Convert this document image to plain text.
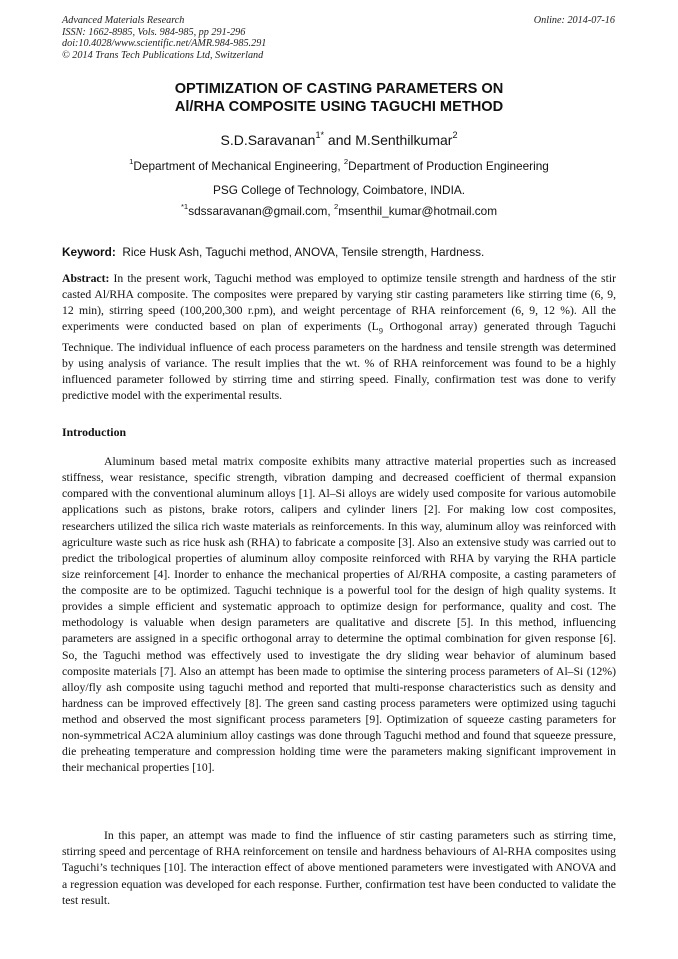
Advanced Materials Research
ISSN: 1662-8985, Vols. 984-985, pp 291-296
doi:10.4028/www.scientific.net/AMR.984-985.291
© 2014 Trans Tech Publications Ltd, Switzerland
Online: 2014-07-16
OPTIMIZATION OF CASTING PARAMETERS ON
Al/RHA COMPOSITE USING TAGUCHI METHOD
S.D.Saravanan$^{1*}$ and M.Senthilkumar$^2$
$^1$Department of Mechanical Engineering, $^2$Department of Production Engineering
PSG College of Technology, Coimbatore, INDIA.
$^{*1}$sdssaravanan@gmail.com, $^2$msenthil_kumar@hotmail.com
Keyword: Rice Husk Ash, Taguchi method, ANOVA, Tensile strength, Hardness.

Abstract: In the present work, Taguchi method was employed to optimize tensile strength and hardness of the stir casted Al/RHA composite. The composites were prepared by varying stir casting parameters like stirring time (6, 9, 12 min), stirring speed (100,200,300 r.pm), and weight percentage of RHA reinforcement (6, 9, 12 %). All the experiments were conducted based on plan of experiments ($L_9$ Orthogonal array) generated through Taguchi Technique. The individual influence of each process parameters on the hardness and tensile strength was determined by using analysis of variance. The result implies that the wt. % of RHA reinforcement was found to be a highly influenced parameter followed by stirring time and stirring speed. Finally, confirmation test was done to verify predictive model with the experimental results.

Introduction

Aluminum based metal matrix composite exhibits many attractive material properties such as increased stiffness, wear resistance, specific strength, vibration damping and decreased coefficient of thermal expansion compared with the conventional aluminum alloys [1]. Al–Si alloys are widely used composite for various automobile applications such as pistons, brake rotors, calipers and cylinder liners [2]. For making low cost composites, researchers utilized the silica rich waste materials as reinforcements. In this way, aluminum alloy was reinforced with agriculture waste such as rice husk ash (RHA) to fabricate a composite [3]. Also an extensive study was carried out to predict the tribological properties of aluminum alloy composite reinforced with RHA by varying the RHA particle size reinforcement [4]. Inorder to enhance the mechanical properties of Al/RHA composite, a casting parameters of the composite are to be optimized. Taguchi technique is a powerful tool for the design of high quality systems. It provides a simple efficient and systematic approach to optimize design for performance, quality and cost. The methodology is valuable when design parameters are qualitative and discrete [5]. In this method, influencing parameters are assigned in a specific orthogonal array to determine the optimal combination for given response [6]. So, the Taguchi method was effectively used to investigate the dry sliding wear behavior of aluminum based composite materials [7]. Also an attempt has been made to optimise the sintering process parameters of Al–Si (12%) alloy/fly ash composite using taguchi method and reported that multi-response characteristics such as density and hardness can be improved effectively [8]. The green sand casting process parameters were optimized using taguchi method and observed the most significant process parameters [9]. Optimization of squeeze casting parameters for non-symmetrical AC2A aluminium alloy castings was done through Taguchi method and found that squeeze pressure, die preheating temperature and compression holding time were the parameters making significant improvement in their mechanical properties [10].

In this paper, an attempt was made to find the influence of stir casting parameters such as stirring time, stirring speed and percentage of RHA reinforcement on tensile and hardness behaviours of Al-RHA composites using Taguchi’s techniques [10]. The interaction effect of above mentioned parameters were investigated with ANOVA and a regression equation was developed for each response. Further, confirmation test have been conducted to validate the test result.
